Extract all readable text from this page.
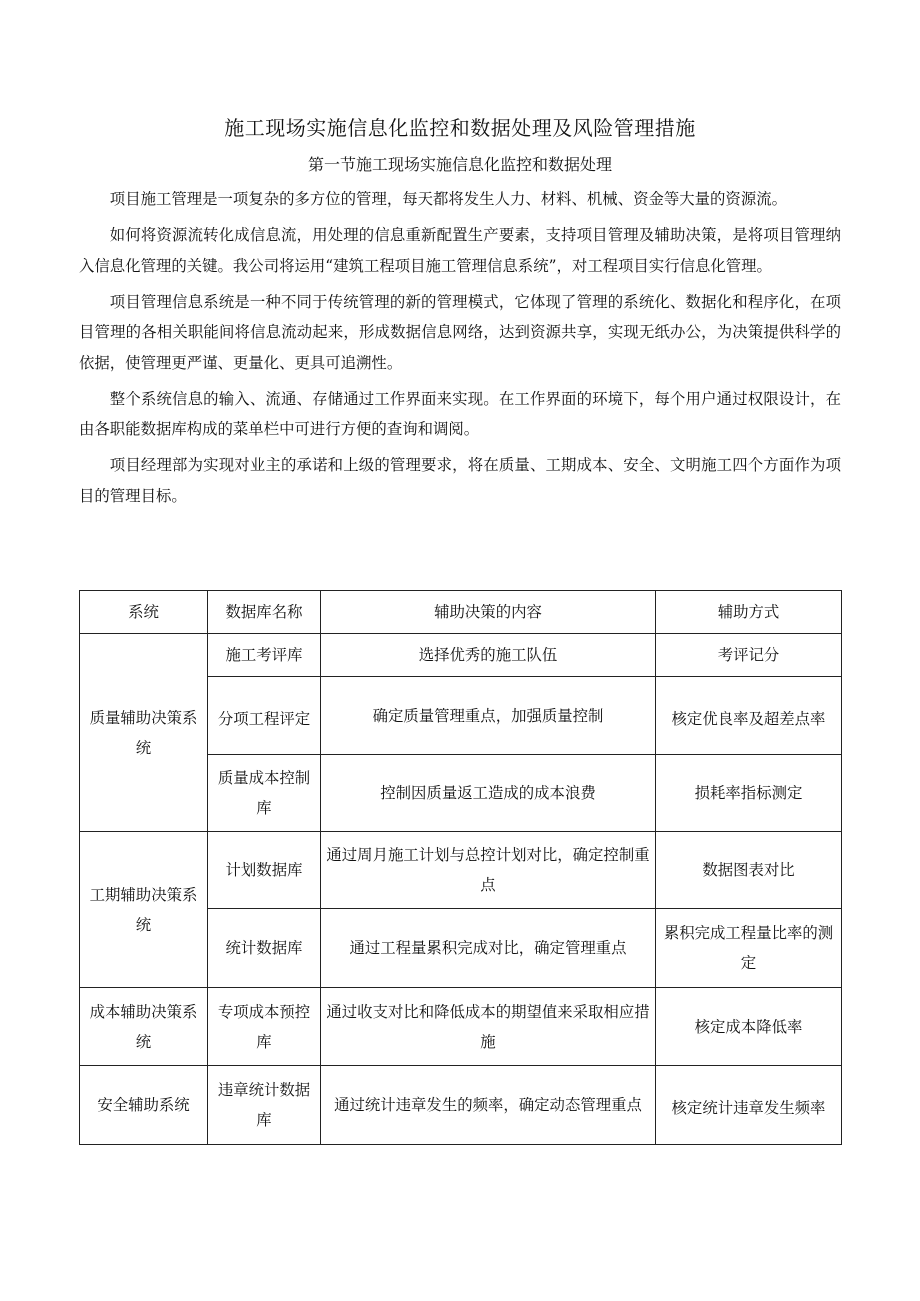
施工现场实施信息化监控和数据处理及风险管理措施
第一节施工现场实施信息化监控和数据处理

项目施工管理是一项复杂的多方位的管理，每天都将发生人力、材料、机械、资金等大量的资源流。

如何将资源流转化成信息流，用处理的信息重新配置生产要素，支持项目管理及辅助决策，是将项目管理纳入信息化管理的关键。我公司将运用“建筑工程项目施工管理信息系统”，对工程项目实行信息化管理。

项目管理信息系统是一种不同于传统管理的新的管理模式，它体现了管理的系统化、数据化和程序化，在项目管理的各相关职能间将信息流动起来，形成数据信息网络，达到资源共享，实现无纸办公，为决策提供科学的依据，使管理更严谨、更量化、更具可追溯性。

整个系统信息的输入、流通、存储通过工作界面来实现。在工作界面的环境下，每个用户通过权限设计，在由各职能数据库构成的菜单栏中可进行方便的查询和调阅。

项目经理部为实现对业主的承诺和上级的管理要求，将在质量、工期成本、安全、文明施工四个方面作为项目的管理目标。

系统	数据库名称	辅助决策的内容	辅助方式
质量辅助决策系统	施工考评库	选择优秀的施工队伍	考评记分
	分项工程评定	确定质量管理重点，加强质量控制	核定优良率及超差点率
	质量成本控制库	控制因质量返工造成的成本浪费	损耗率指标测定
工期辅助决策系统	计划数据库	通过周月施工计划与总控计划对比，确定控制重点	数据图表对比
	统计数据库	通过工程量累积完成对比，确定管理重点	累积完成工程量比率的测定
成本辅助决策系统	专项成本预控库	通过收支对比和降低成本的期望值来采取相应措施	核定成本降低率
安全辅助系统	违章统计数据库	通过统计违章发生的频率，确定动态管理重点	核定统计违章发生频率
